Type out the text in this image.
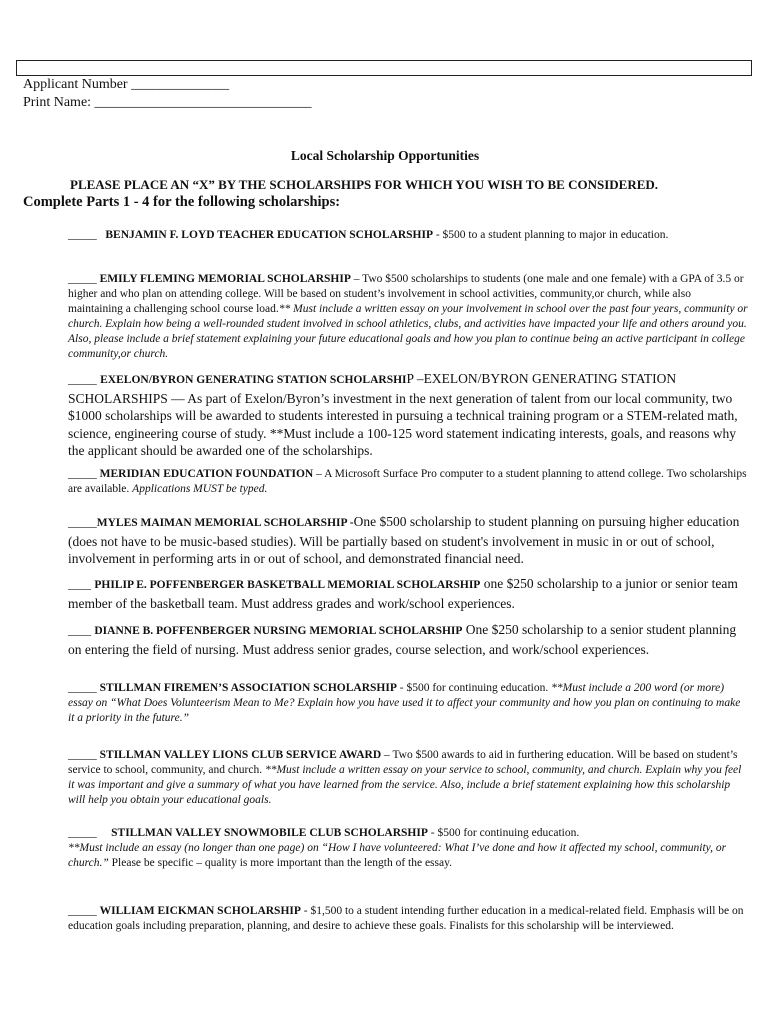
Applicant Number ______________
Print Name: _______________________________
Local Scholarship Opportunities
PLEASE PLACE AN “X” BY THE SCHOLARSHIPS FOR WHICH YOU WISH TO BE CONSIDERED.
Complete Parts 1 - 4 for the following scholarships:
_____ BENJAMIN F. LOYD TEACHER EDUCATION SCHOLARSHIP - $500 to a student planning to major in education.
_____ EMILY FLEMING MEMORIAL SCHOLARSHIP – Two $500 scholarships to students (one male and one female) with a GPA of 3.5 or higher and who plan on attending college. Will be based on student’s involvement in school activities, community,or church, while also maintaining a challenging school course load.** Must include a written essay on your involvement in school over the past four years, community or church. Explain how being a well-rounded student involved in school athletics, clubs, and activities have impacted your life and others around you. Also, please include a brief statement explaining your future educational goals and how you plan to continue being an active participant in college community,or church.
_____ EXELON/BYRON GENERATING STATION SCHOLARSHIP –EXELON/BYRON GENERATING STATION SCHOLARSHIPS — As part of Exelon/Byron’s investment in the next generation of talent from our local community, two $1000 scholarships will be awarded to students interested in pursuing a technical training program or a STEM-related math, science, engineering course of study. **Must include a 100-125 word statement indicating interests, goals, and reasons why the applicant should be awarded one of the scholarships.
_____ MERIDIAN EDUCATION FOUNDATION – A Microsoft Surface Pro computer to a student planning to attend college. Two scholarships are available. Applications MUST be typed.
_____MYLES MAIMAN MEMORIAL SCHOLARSHIP -One $500 scholarship to student planning on pursuing higher education (does not have to be music-based studies). Will be partially based on student's involvement in music in or out of school, involvement in performing arts in or out of school, and demonstrated financial need.
____ PHILIP E. POFFENBERGER BASKETBALL MEMORIAL SCHOLARSHIP one $250 scholarship to a junior or senior team member of the basketball team. Must address grades and work/school experiences.
____ DIANNE B. POFFENBERGER NURSING MEMORIAL SCHOLARSHIP One $250 scholarship to a senior student planning on entering the field of nursing. Must address senior grades, course selection, and work/school experiences.
_____ STILLMAN FIREMEN’S ASSOCIATION SCHOLARSHIP - $500 for continuing education. **Must include a 200 word (or more) essay on “What Does Volunteerism Mean to Me? Explain how you have used it to affect your community and how you plan on continuing to make it a priority in the future.”
_____ STILLMAN VALLEY LIONS CLUB SERVICE AWARD – Two $500 awards to aid in furthering education. Will be based on student’s service to school, community, and church. **Must include a written essay on your service to school, community, and church. Explain why you feel it was important and give a summary of what you have learned from the service. Also, include a brief statement explaining how this scholarship will help you obtain your educational goals.
_____ STILLMAN VALLEY SNOWMOBILE CLUB SCHOLARSHIP - $500 for continuing education.
**Must include an essay (no longer than one page) on “How I have volunteered: What I’ve done and how it affected my school, community, or church.” Please be specific – quality is more important than the length of the essay.
_____ WILLIAM EICKMAN SCHOLARSHIP - $1,500 to a student intending further education in a medical-related field. Emphasis will be on education goals including preparation, planning, and desire to achieve these goals. Finalists for this scholarship will be interviewed.
